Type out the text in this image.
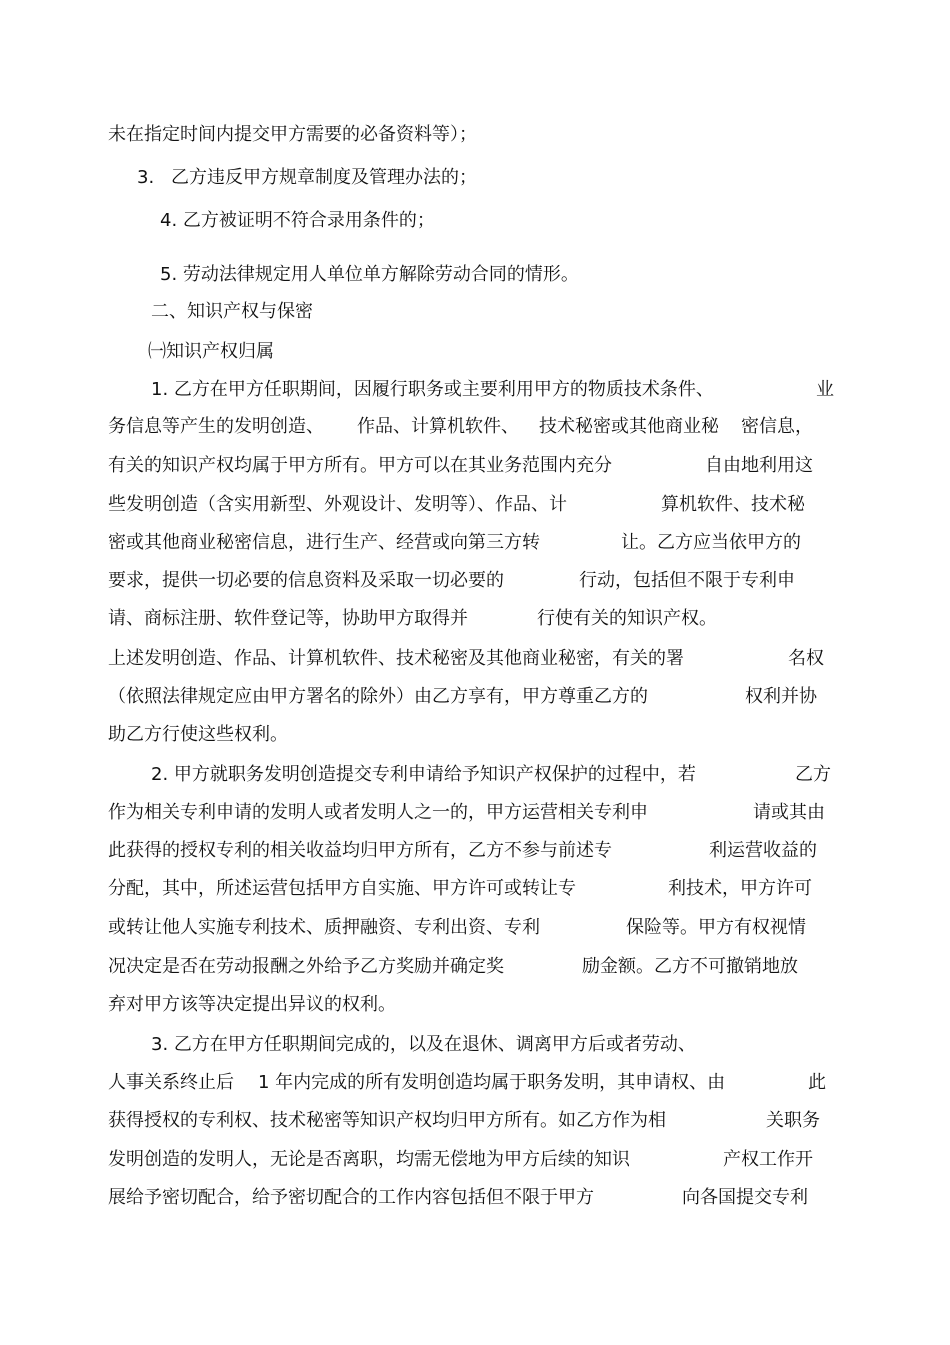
未在指定时间内提交甲方需要的必备资料等）；
3. 乙方违反甲方规章制度及管理办法的；
4. 乙方被证明不符合录用条件的；
5. 劳动法律规定用人单位单方解除劳动合同的情形。
二、知识产权与保密
㈠知识产权归属
1. 乙方在甲方任职期间，因履行职务或主要利用甲方的物质技术条件、	业
务信息等产生的发明创造、 作品、计算机软件、 技术秘密或其他商业秘 密信息，
有关的知识产权均属于甲方所有。甲方可以在其业务范围内充分	自由地利用这
些发明创造（含实用新型、外观设计、发明等）、作品、计	算机软件、技术秘
密或其他商业秘密信息，进行生产、经营或向第三方转	让。乙方应当依甲方的
要求，提供一切必要的信息资料及采取一切必要的	行动，包括但不限于专利申
请、商标注册、软件登记等，协助甲方取得并	行使有关的知识产权。
上述发明创造、作品、计算机软件、技术秘密及其他商业秘密，有关的署	名权
（依照法律规定应由甲方署名的除外）由乙方享有，甲方尊重乙方的	权利并协
助乙方行使这些权利。
2. 甲方就职务发明创造提交专利申请给予知识产权保护的过程中，若	乙方
作为相关专利申请的发明人或者发明人之一的，甲方运营相关专利申	请或其由
此获得的授权专利的相关收益均归甲方所有，乙方不参与前述专	利运营收益的
分配，其中，所述运营包括甲方自实施、甲方许可或转让专	利技术，甲方许可
或转让他人实施专利技术、质押融资、专利出资、专利	保险等。甲方有权视情
况决定是否在劳动报酬之外给予乙方奖励并确定奖	励金额。乙方不可撤销地放
弃对甲方该等决定提出异议的权利。
3. 乙方在甲方任职期间完成的，以及在退休、调离甲方后或者劳动、
人事关系终止后 1 年内完成的所有发明创造均属于职务发明，其申请权、由	此
获得授权的专利权、技术秘密等知识产权均归甲方所有。如乙方作为相	关职务
发明创造的发明人，无论是否离职，均需无偿地为甲方后续的知识	产权工作开
展给予密切配合，给予密切配合的工作内容包括但不限于甲方	向各国提交专利
